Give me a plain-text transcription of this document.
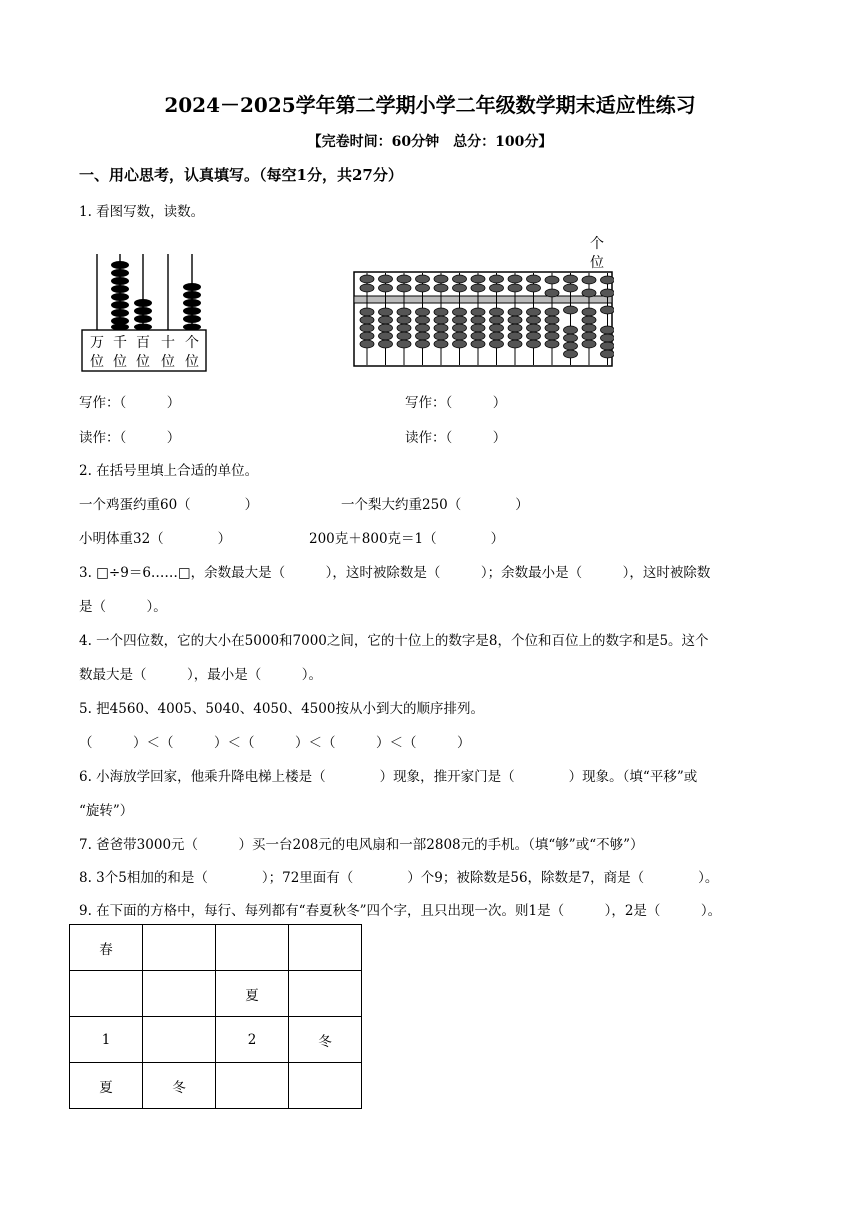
2024－2025学年第二学期小学二年级数学期末适应性练习
【完卷时间：60分钟　总分：100分】
一、用心思考，认真填写。（每空1分，共27分）
1. 看图写数，读数。
万 千 百 十 个
位 位 位 位 位
个
位
写作：（　　　）	写作：（　　　）
读作：（　　　）	读作：（　　　）
2. 在括号里填上合适的单位。
一个鸡蛋约重60（　　　　）	一个梨大约重250（　　　　）
小明体重32（　　　　）	200克＋800克＝1（　　　　）
3. □÷9＝6……□，余数最大是（　　　），这时被除数是（　　　）；余数最小是（　　　），这时被除数
是（　　　）。
4. 一个四位数，它的大小在5000和7000之间，它的十位上的数字是8，个位和百位上的数字和是5。这个
数最大是（　　　），最小是（　　　）。
5. 把4560、4005、5040、4050、4500按从小到大的顺序排列。
（　　　）＜（　　　）＜（　　　）＜（　　　）＜（　　　）
6. 小海放学回家，他乘升降电梯上楼是（　　　　）现象，推开家门是（　　　　）现象。（填“平移”或
“旋转”）
7. 爸爸带3000元（　　　）买一台208元的电风扇和一部2808元的手机。（填“够”或“不够”）
8. 3个5相加的和是（　　　　）；72里面有（　　　　）个9；被除数是56，除数是7，商是（　　　　）。
9. 在下面的方格中，每行、每列都有“春夏秋冬”四个字，且只出现一次。则1是（　　　），2是（　　　）。
春			
		夏	
1		2	冬
夏	冬		
